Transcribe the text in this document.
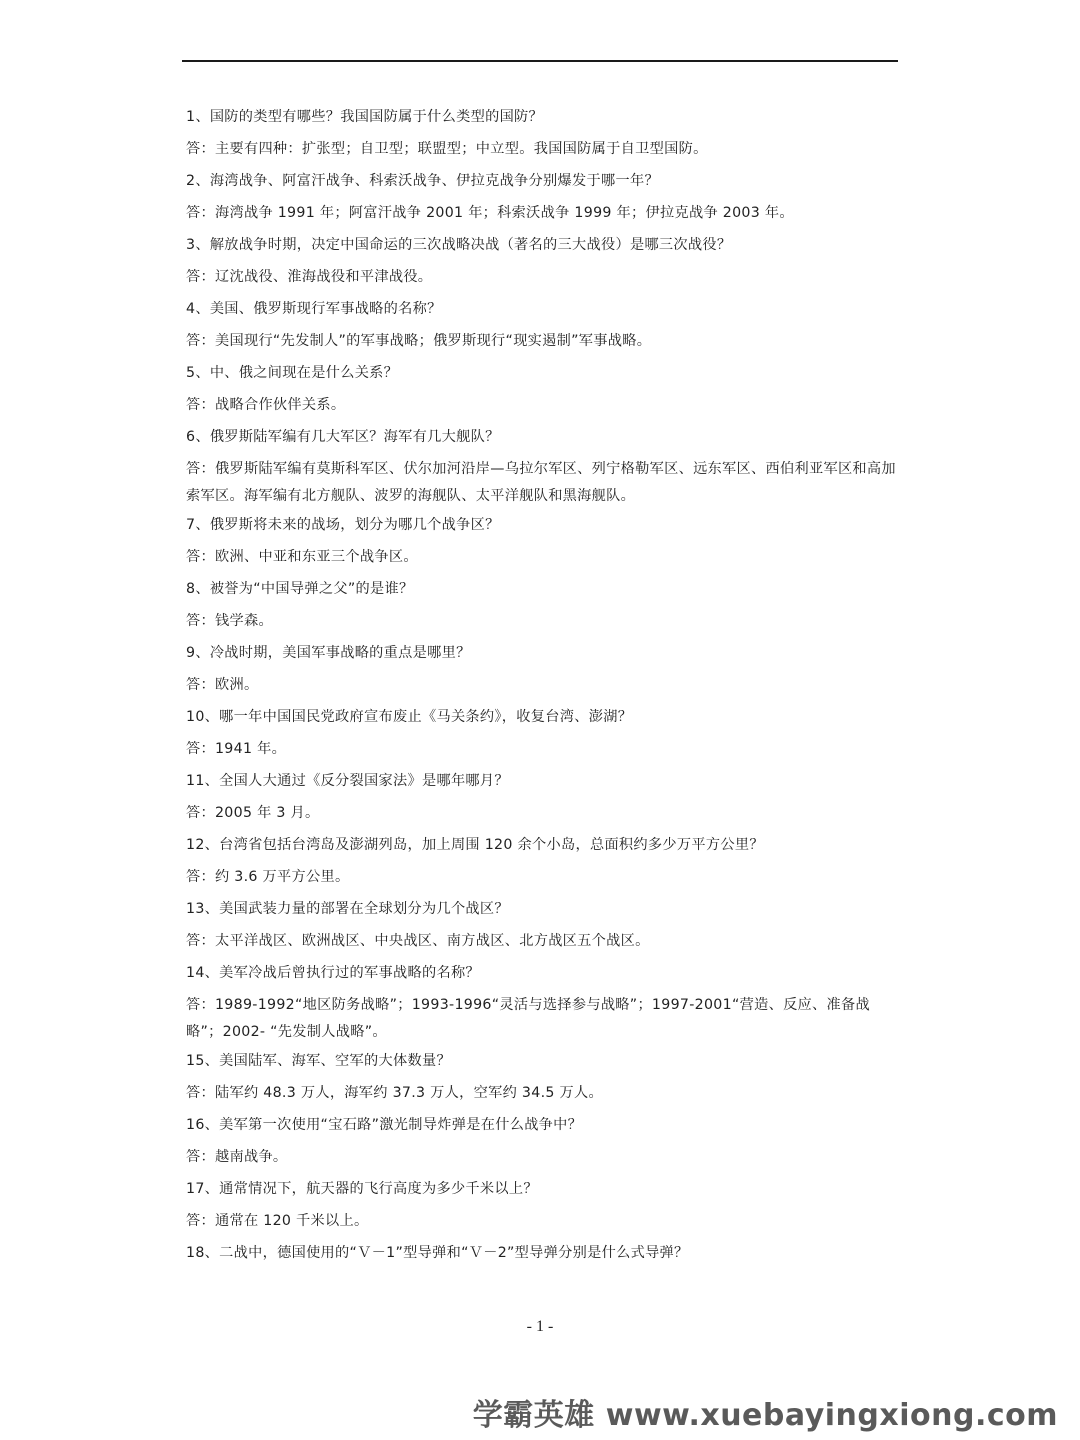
1、国防的类型有哪些？我国国防属于什么类型的国防？

答：主要有四种：扩张型；自卫型；联盟型；中立型。我国国防属于自卫型国防。

2、海湾战争、阿富汗战争、科索沃战争、伊拉克战争分别爆发于哪一年？

答：海湾战争 1991 年；阿富汗战争 2001 年；科索沃战争 1999 年；伊拉克战争 2003 年。

3、解放战争时期，决定中国命运的三次战略决战（著名的三大战役）是哪三次战役？

答：辽沈战役、淮海战役和平津战役。

4、美国、俄罗斯现行军事战略的名称？

答：美国现行“先发制人”的军事战略；俄罗斯现行“现实遏制”军事战略。

5、中、俄之间现在是什么关系？

答：战略合作伙伴关系。

6、俄罗斯陆军编有几大军区？海军有几大舰队？

答：俄罗斯陆军编有莫斯科军区、伏尔加河沿岸—乌拉尔军区、列宁格勒军区、远东军区、西伯利亚军区和高加索军区。海军编有北方舰队、波罗的海舰队、太平洋舰队和黑海舰队。

7、俄罗斯将未来的战场，划分为哪几个战争区？

答：欧洲、中亚和东亚三个战争区。

8、被誉为“中国导弹之父”的是谁？

答：钱学森。

9、冷战时期，美国军事战略的重点是哪里？

答：欧洲。

10、哪一年中国国民党政府宣布废止《马关条约》，收复台湾、澎湖？

答：1941 年。

11、全国人大通过《反分裂国家法》是哪年哪月？

答：2005 年 3 月。

12、台湾省包括台湾岛及澎湖列岛，加上周围 120 余个小岛，总面积约多少万平方公里？

答：约 3.6 万平方公里。

13、美国武装力量的部署在全球划分为几个战区？

答：太平洋战区、欧洲战区、中央战区、南方战区、北方战区五个战区。

14、美军冷战后曾执行过的军事战略的名称？

答：1989-1992“地区防务战略”；1993-1996“灵活与选择参与战略”；1997-2001“营造、反应、准备战略”；2002- “先发制人战略”。

15、美国陆军、海军、空军的大体数量？

答：陆军约 48.3 万人，海军约 37.3 万人，空军约 34.5 万人。

16、美军第一次使用“宝石路”激光制导炸弹是在什么战争中？

答：越南战争。

17、通常情况下，航天器的飞行高度为多少千米以上？

答：通常在 120 千米以上。

18、二战中，德国使用的“Ｖ－1”型导弹和“Ｖ－2”型导弹分别是什么式导弹？

- 1 -
学霸英雄 www.xuebayingxiong.com
